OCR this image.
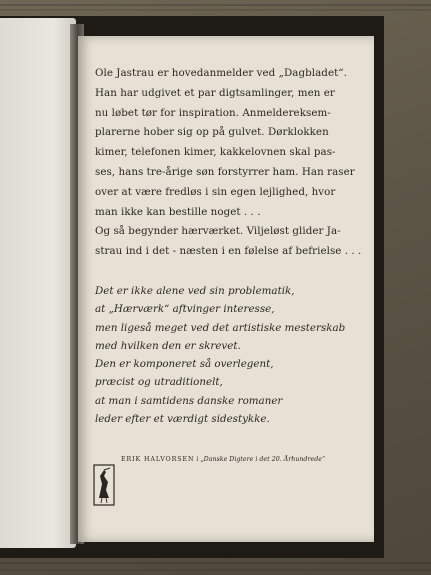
Ole Jastrau er hovedanmelder ved „Dagbladet“.
Han har udgivet et par digtsamlinger, men er
nu løbet tør for inspiration. Anmeldereksem-
plarerne hober sig op på gulvet. Dørklokken
kimer, telefonen kimer, kakkelovnen skal pas-
ses, hans tre-årige søn forstyrrer ham. Han raser
over at være fredløs i sin egen lejlighed, hvor
man ikke kan bestille noget . . .
Og så begynder hærværket. Viljeløst glider Ja-
strau ind i det - næsten i en følelse af befrielse . . .

Det er ikke alene ved sin problematik,
at „Hærværk“ aftvinger interesse,
men ligeså meget ved det artistiske mesterskab
med hvilken den er skrevet.
Den er komponeret så overlegent,
præcist og utraditionelt,
at man i samtidens danske romaner
leder efter et værdigt sidestykke.

ERIK HALVORSEN i „Danske Digtere i det 20. Århundrede“
